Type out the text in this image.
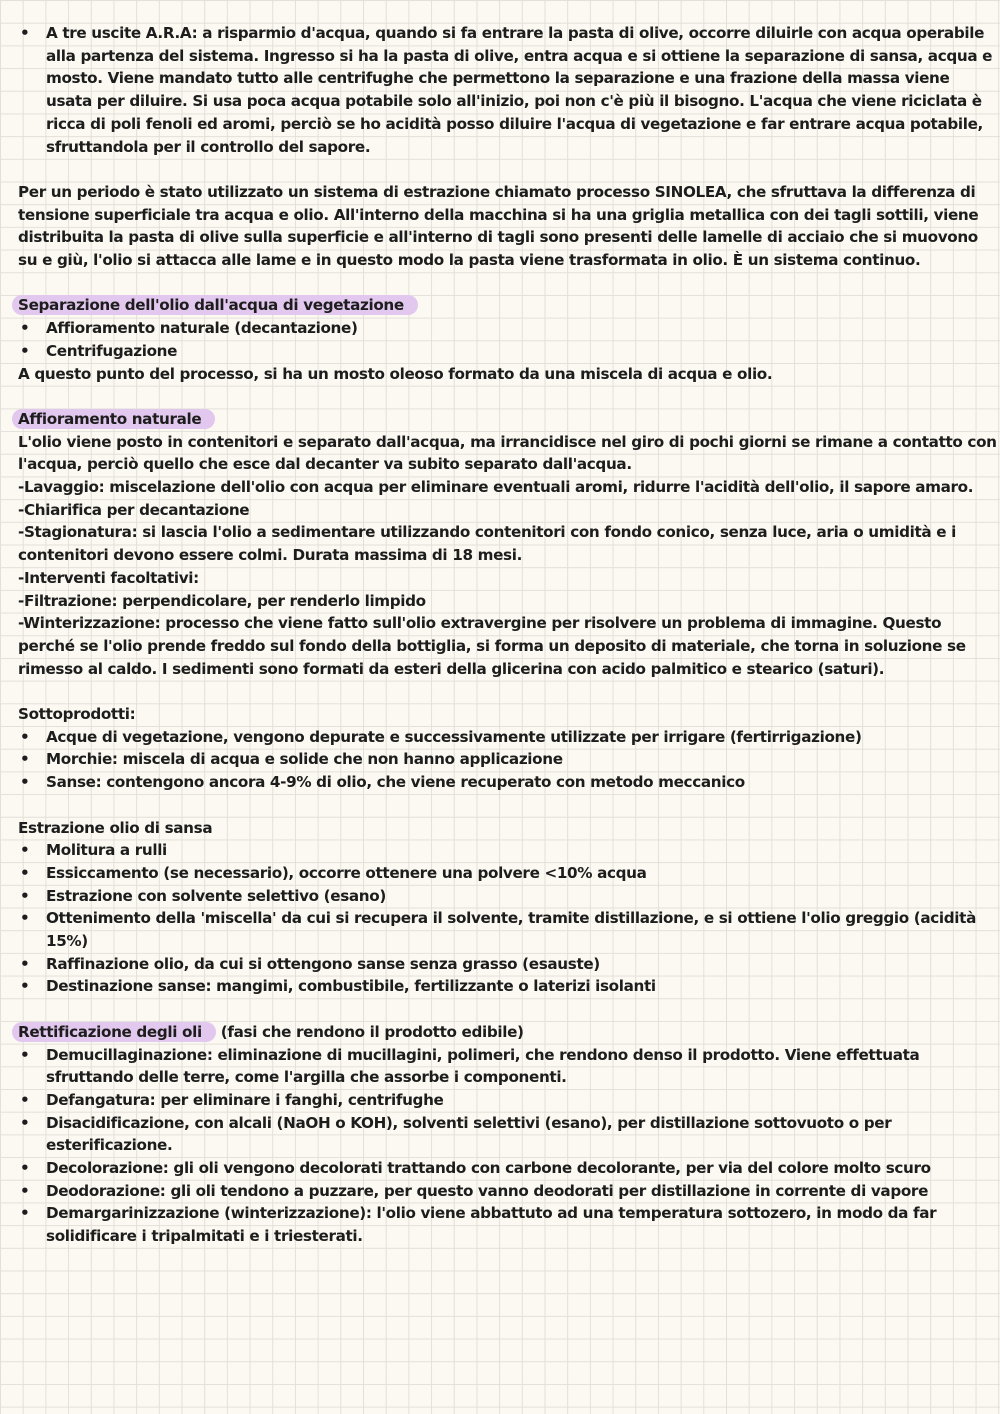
• A tre uscite A.R.A: a risparmio d'acqua, quando si fa entrare la pasta di olive, occorre diluirle con acqua operabile alla partenza del sistema. Ingresso si ha la pasta di olive, entra acqua e si ottiene la separazione di sansa, acqua e mosto. Viene mandato tutto alle centrifughe che permettono la separazione e una frazione della massa viene usata per diluire. Si usa poca acqua potabile solo all'inizio, poi non c'è più il bisogno. L'acqua che viene riciclata è ricca di poli fenoli ed aromi, perciò se ho acidità posso diluire l'acqua di vegetazione e far entrare acqua potabile, sfruttandola per il controllo del sapore.

Per un periodo è stato utilizzato un sistema di estrazione chiamato processo SINOLEA, che sfruttava la differenza di tensione superficiale tra acqua e olio. All'interno della macchina si ha una griglia metallica con dei tagli sottili, viene distribuita la pasta di olive sulla superficie e all'interno di tagli sono presenti delle lamelle di acciaio che si muovono su e giù, l'olio si attacca alle lame e in questo modo la pasta viene trasformata in olio. È un sistema continuo.

Separazione dell'olio dall'acqua di vegetazione

• Affioramento naturale (decantazione)
• Centrifugazione

A questo punto del processo, si ha un mosto oleoso formato da una miscela di acqua e olio.

Affioramento naturale

L'olio viene posto in contenitori e separato dall'acqua, ma irrancidisce nel giro di pochi giorni se rimane a contatto con l'acqua, perciò quello che esce dal decanter va subito separato dall'acqua.

-Lavaggio: miscelazione dell'olio con acqua per eliminare eventuali aromi, ridurre l'acidità dell'olio, il sapore amaro.

-Chiarifica per decantazione

-Stagionatura: si lascia l'olio a sedimentare utilizzando contenitori con fondo conico, senza luce, aria o umidità e i contenitori devono essere colmi. Durata massima di 18 mesi.

-Interventi facoltativi:

-Filtrazione: perpendicolare, per renderlo limpido

-Winterizzazione: processo che viene fatto sull'olio extravergine per risolvere un problema di immagine. Questo perché se l'olio prende freddo sul fondo della bottiglia, si forma un deposito di materiale, che torna in soluzione se rimesso al caldo. I sedimenti sono formati da esteri della glicerina con acido palmitico e stearico (saturi).

Sottoprodotti:

• Acque di vegetazione, vengono depurate e successivamente utilizzate per irrigare (fertirrigazione)
• Morchie: miscela di acqua e solide che non hanno applicazione
• Sanse: contengono ancora 4-9% di olio, che viene recuperato con metodo meccanico

Estrazione olio di sansa

• Molitura a rulli
• Essiccamento (se necessario), occorre ottenere una polvere <10% acqua
• Estrazione con solvente selettivo (esano)
• Ottenimento della 'miscella' da cui si recupera il solvente, tramite distillazione, e si ottiene l'olio greggio (acidità 15%)
• Raffinazione olio, da cui si ottengono sanse senza grasso (esauste)
• Destinazione sanse: mangimi, combustibile, fertilizzante o laterizi isolanti

Rettificazione degli oli (fasi che rendono il prodotto edibile)

• Demucillaginazione: eliminazione di mucillagini, polimeri, che rendono denso il prodotto. Viene effettuata sfruttando delle terre, come l'argilla che assorbe i componenti.
• Defangatura: per eliminare i fanghi, centrifughe
• Disacidificazione, con alcali (NaOH o KOH), solventi selettivi (esano), per distillazione sottovuoto o per esterificazione.
• Decolorazione: gli oli vengono decolorati trattando con carbone decolorante, per via del colore molto scuro
• Deodorazione: gli oli tendono a puzzare, per questo vanno deodorati per distillazione in corrente di vapore
• Demargarinizzazione (winterizzazione): l'olio viene abbattuto ad una temperatura sottozero, in modo da far solidificare i tripalmitati e i triesterati.
